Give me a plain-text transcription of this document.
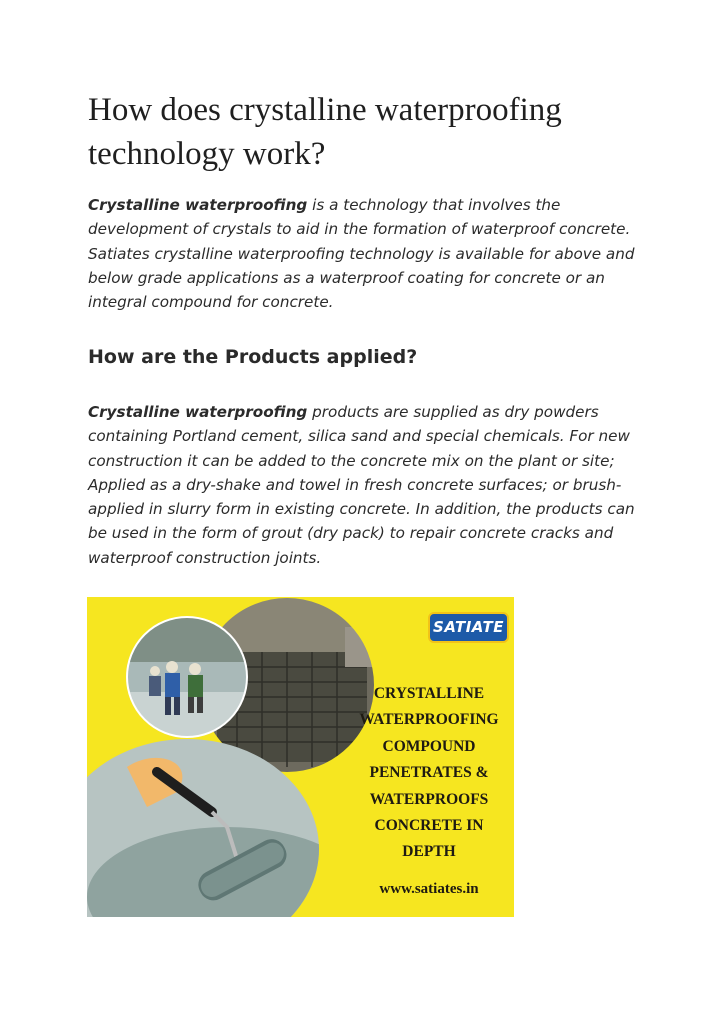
How does crystalline waterproofing technology work?

Crystalline waterproofing is a technology that involves the development of crystals to aid in the formation of waterproof concrete. Satiates crystalline waterproofing technology is available for above and below grade applications as a waterproof coating for concrete or an integral compound for concrete.

How are the Products applied?

Crystalline waterproofing products are supplied as dry powders containing Portland cement, silica sand and special chemicals. For new construction it can be added to the concrete mix on the plant or site; Applied as a dry-shake and towel in fresh concrete surfaces; or brush-applied in slurry form in existing concrete. In addition, the products can be used in the form of grout (dry pack) to repair concrete cracks and waterproof construction joints.

SATIATE
CRYSTALLINE
WATERPROOFING
COMPOUND
PENETRATES &
WATERPROOFS
CONCRETE IN
DEPTH
www.satiates.in
